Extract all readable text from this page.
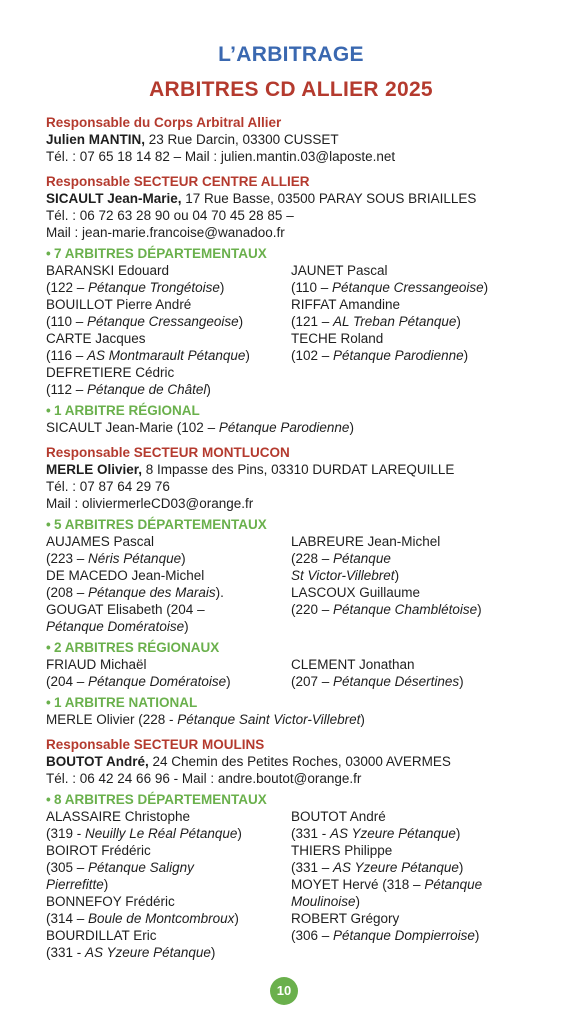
L’ARBITRAGE
ARBITRES CD ALLIER 2025
Responsable du Corps Arbitral Allier
Julien MANTIN, 23 Rue Darcin, 03300 CUSSET
Tél. : 07 65 18 14 82 – Mail : julien.mantin.03@laposte.net
Responsable SECTEUR CENTRE ALLIER
SICAULT Jean-Marie, 17 Rue Basse, 03500 PARAY SOUS BRIAILLES
Tél. : 06 72 63 28 90 ou 04 70 45 28 85 –
Mail : jean-marie.francoise@wanadoo.fr
• 7 ARBITRES DÉPARTEMENTAUX
BARANSKI Edouard
(122 – Pétanque Trongétoise)
BOUILLOT Pierre André
(110 – Pétanque Cressangeoise)
CARTE Jacques
(116 – AS Montmarault Pétanque)
DEFRETIERE Cédric
(112 – Pétanque de Châtel)
JAUNET Pascal
(110 – Pétanque Cressangeoise)
RIFFAT Amandine
(121 – AL Treban Pétanque)
TECHE Roland
(102 – Pétanque Parodienne)
• 1 ARBITRE RÉGIONAL
SICAULT Jean-Marie (102 – Pétanque Parodienne)
Responsable SECTEUR MONTLUCON
MERLE Olivier, 8 Impasse des Pins, 03310 DURDAT LAREQUILLE
Tél. : 07 87 64 29 76
Mail : oliviermerleCD03@orange.fr
• 5 ARBITRES DÉPARTEMENTAUX
AUJAMES Pascal
(223 – Néris Pétanque)
DE MACEDO Jean-Michel
(208 – Pétanque des Marais).
GOUGAT Elisabeth (204 –
Pétanque Domératoise)
LABREURE Jean-Michel
(228 – Pétanque
St Victor-Villebret)
LASCOUX Guillaume
(220 – Pétanque Chamblétoise)
• 2 ARBITRES RÉGIONAUX
FRIAUD Michaël
(204 – Pétanque Domératoise)
CLEMENT Jonathan
(207 – Pétanque Désertines)
• 1 ARBITRE NATIONAL
MERLE Olivier (228 - Pétanque Saint Victor-Villebret)
Responsable SECTEUR MOULINS
BOUTOT André, 24 Chemin des Petites Roches, 03000 AVERMES
Tél. : 06 42 24 66 96 - Mail : andre.boutot@orange.fr
• 8 ARBITRES DÉPARTEMENTAUX
ALASSAIRE Christophe
(319 - Neuilly Le Réal Pétanque)
BOIROT Frédéric
(305 – Pétanque Saligny
Pierrefitte)
BONNEFOY Frédéric
(314 – Boule de Montcombroux)
BOURDILLAT Eric
(331 - AS Yzeure Pétanque)
BOUTOT André
(331 - AS Yzeure Pétanque)
THIERS Philippe
(331 – AS Yzeure Pétanque)
MOYET Hervé (318 – Pétanque
Moulinoise)
ROBERT Grégory
(306 – Pétanque Dompierroise)
10
